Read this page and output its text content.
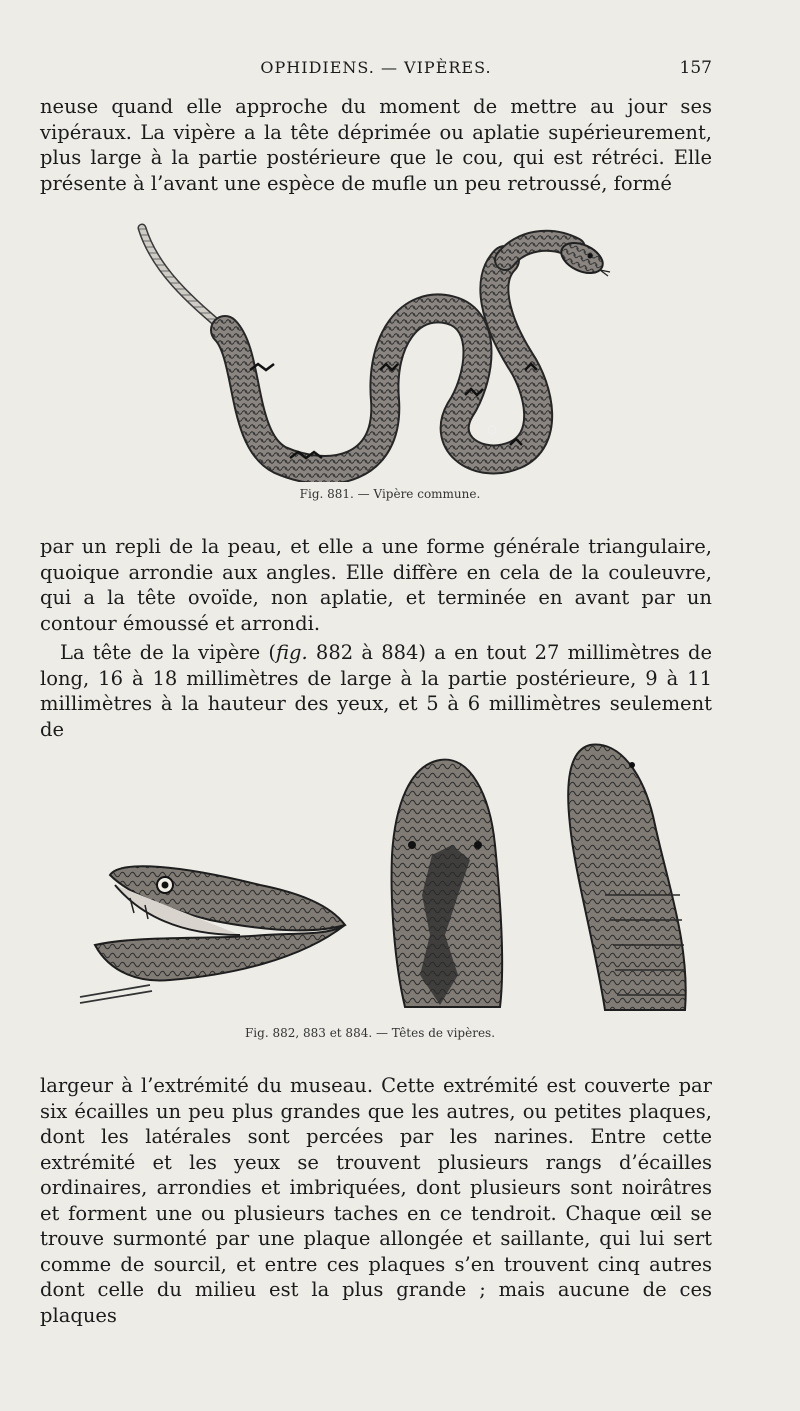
OPHIDIENS. — VIPÈRES.	157

neuse quand elle approche du moment de mettre au jour ses vipéraux. La vipère a la tête déprimée ou aplatie supérieurement, plus large à la partie postérieure que le cou, qui est rétréci. Elle présente à l’avant une espèce de mufle un peu retroussé, formé

Fig. 881. — Vipère commune.

par un repli de la peau, et elle a une forme générale triangulaire, quoique arrondie aux angles. Elle diffère en cela de la couleuvre, qui a la tête ovoïde, non aplatie, et terminée en avant par un contour émoussé et arrondi.

La tête de la vipère (fig. 882 à 884) a en tout 27 millimètres de long, 16 à 18 millimètres de large à la partie postérieure, 9 à 11 millimètres à la hauteur des yeux, et 5 à 6 millimètres seulement de

Fig. 882, 883 et 884. — Têtes de vipères.

largeur à l’extrémité du museau. Cette extrémité est couverte par six écailles un peu plus grandes que les autres, ou petites plaques, dont les latérales sont percées par les narines. Entre cette extrémité et les yeux se trouvent plusieurs rangs d’écailles ordinaires, arrondies et imbriquées, dont plusieurs sont noirâtres et forment une ou plusieurs taches en ce tendroit. Chaque œil se trouve surmonté par une plaque allongée et saillante, qui lui sert comme de sourcil, et entre ces plaques s’en trouvent cinq autres dont celle du milieu est la plus grande ; mais aucune de ces plaques
